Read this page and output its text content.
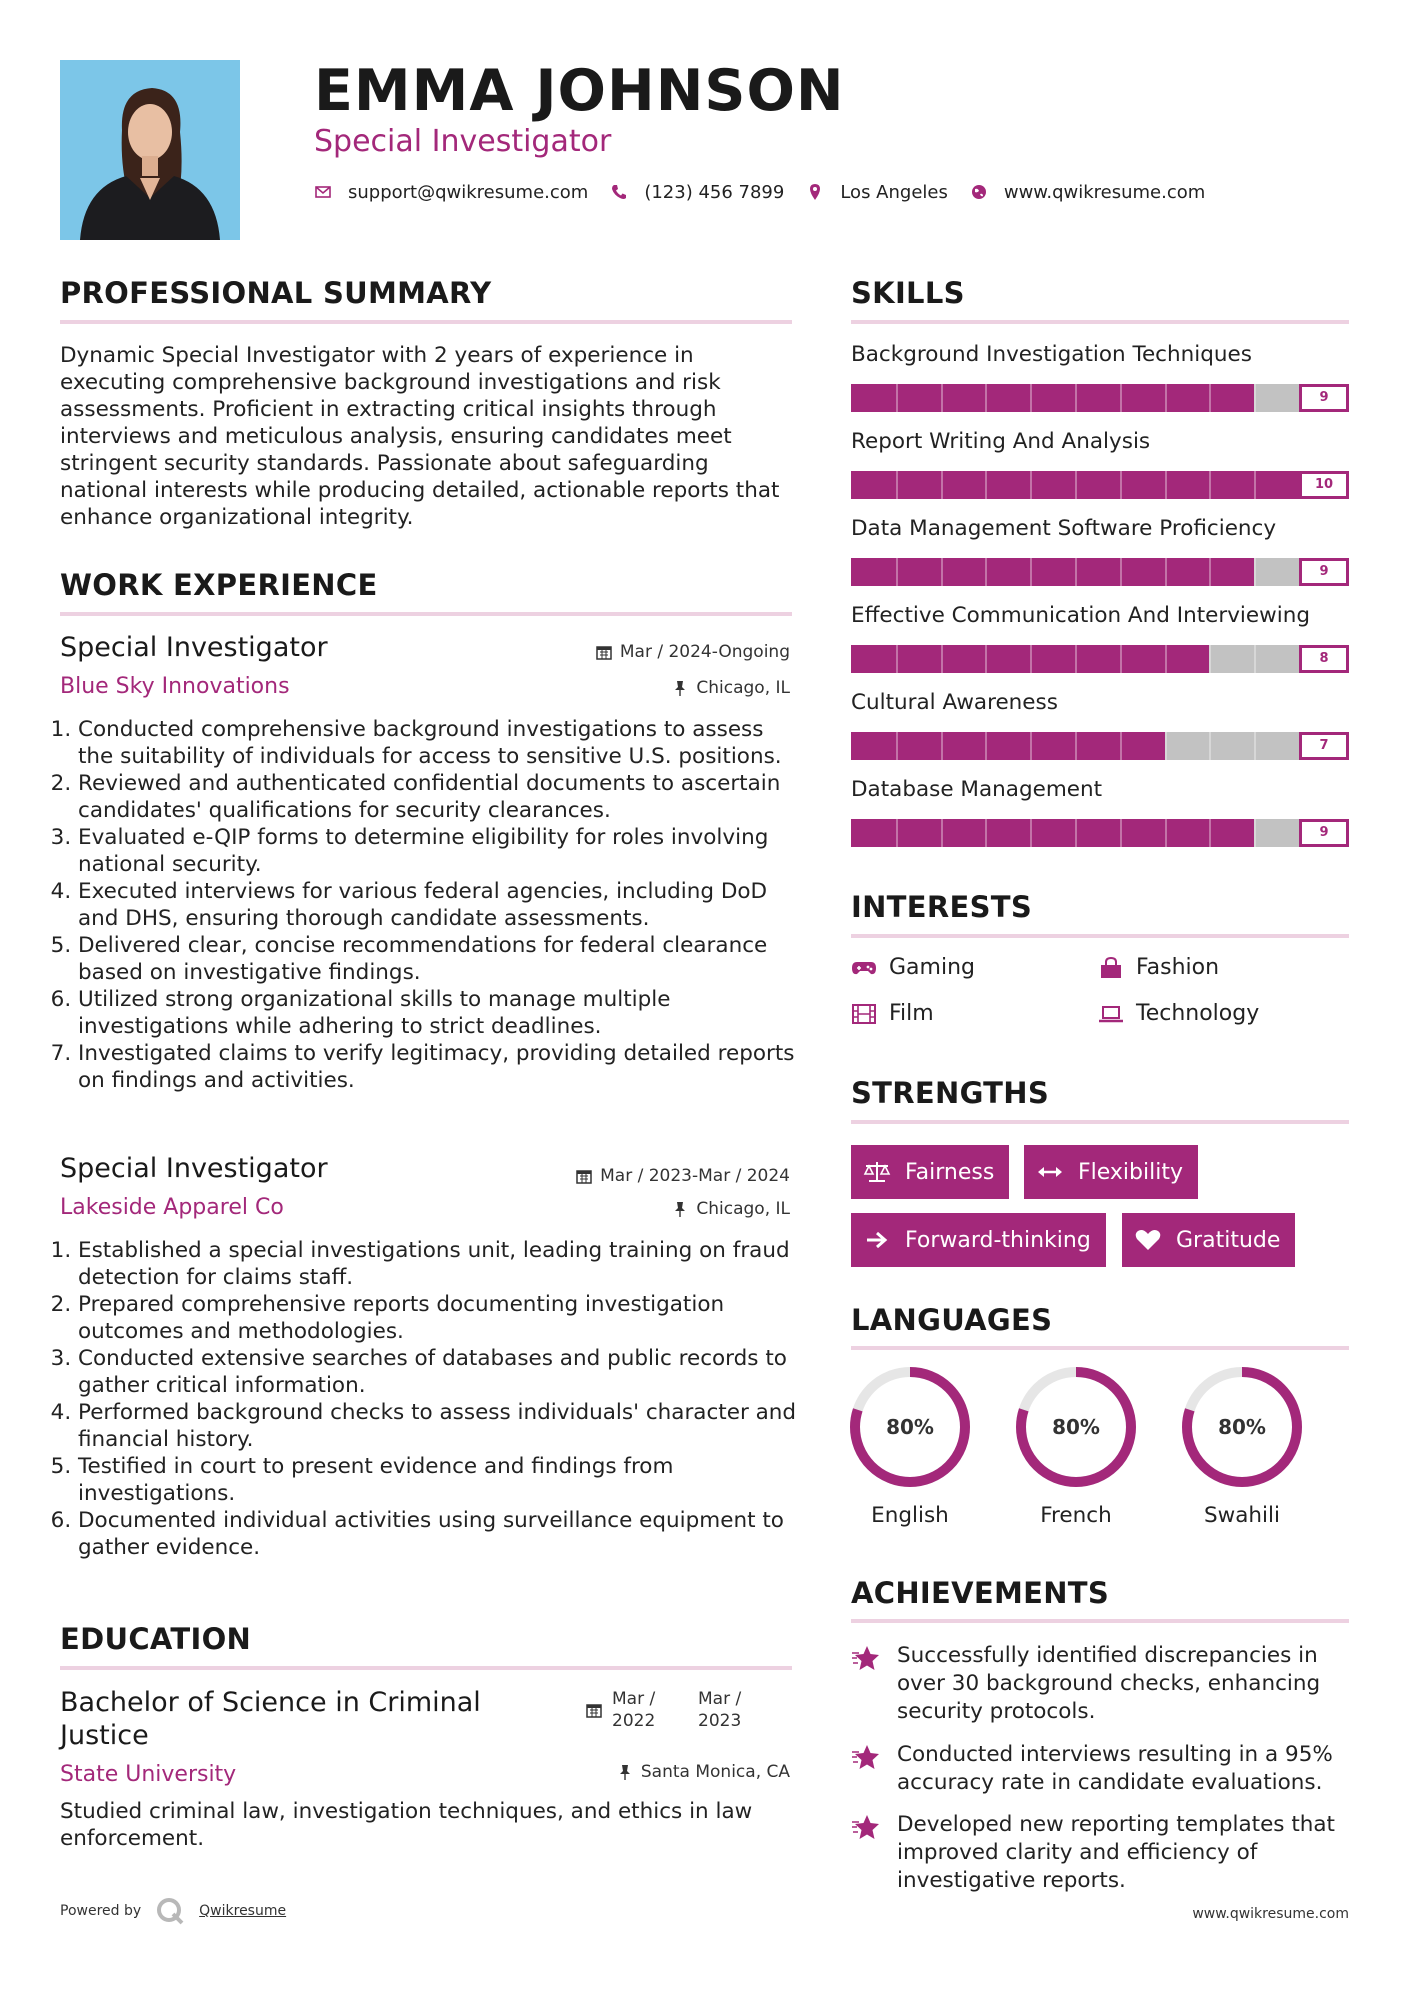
EMMA JOHNSON
Special Investigator
support@qwikresume.com	(123) 456 7899	Los Angeles	www.qwikresume.com
PROFESSIONAL SUMMARY
Dynamic Special Investigator with 2 years of experience in executing comprehensive background investigations and risk assessments. Proficient in extracting critical insights through interviews and meticulous analysis, ensuring candidates meet stringent security standards. Passionate about safeguarding national interests while producing detailed, actionable reports that enhance organizational integrity.
WORK EXPERIENCE
Special Investigator	Mar / 2024-Ongoing
Blue Sky Innovations	Chicago, IL
1. Conducted comprehensive background investigations to assess the suitability of individuals for access to sensitive U.S. positions.
2. Reviewed and authenticated confidential documents to ascertain candidates' qualifications for security clearances.
3. Evaluated e-QIP forms to determine eligibility for roles involving national security.
4. Executed interviews for various federal agencies, including DoD and DHS, ensuring thorough candidate assessments.
5. Delivered clear, concise recommendations for federal clearance based on investigative findings.
6. Utilized strong organizational skills to manage multiple investigations while adhering to strict deadlines.
7. Investigated claims to verify legitimacy, providing detailed reports on findings and activities.
Special Investigator	Mar / 2023-Mar / 2024
Lakeside Apparel Co	Chicago, IL
1. Established a special investigations unit, leading training on fraud detection for claims staff.
2. Prepared comprehensive reports documenting investigation outcomes and methodologies.
3. Conducted extensive searches of databases and public records to gather critical information.
4. Performed background checks to assess individuals' character and financial history.
5. Testified in court to present evidence and findings from investigations.
6. Documented individual activities using surveillance equipment to gather evidence.
EDUCATION
Bachelor of Science in Criminal Justice
Mar / 2022
Mar / 2023
State University	Santa Monica, CA
Studied criminal law, investigation techniques, and ethics in law enforcement.
SKILLS
Background Investigation Techniques
9
Report Writing And Analysis
10
Data Management Software Proficiency
9
Effective Communication And Interviewing
8
Cultural Awareness
7
Database Management
9
INTERESTS
Gaming	Fashion
Film	Technology
STRENGTHS
Fairness	Flexibility
Forward-thinking	Gratitude
LANGUAGES
80%
English
80%
French
80%
Swahili
ACHIEVEMENTS
Successfully identified discrepancies in over 30 background checks, enhancing security protocols.
Conducted interviews resulting in a 95% accuracy rate in candidate evaluations.
Developed new reporting templates that improved clarity and efficiency of investigative reports.
Powered by	Qwikresume	www.qwikresume.com
